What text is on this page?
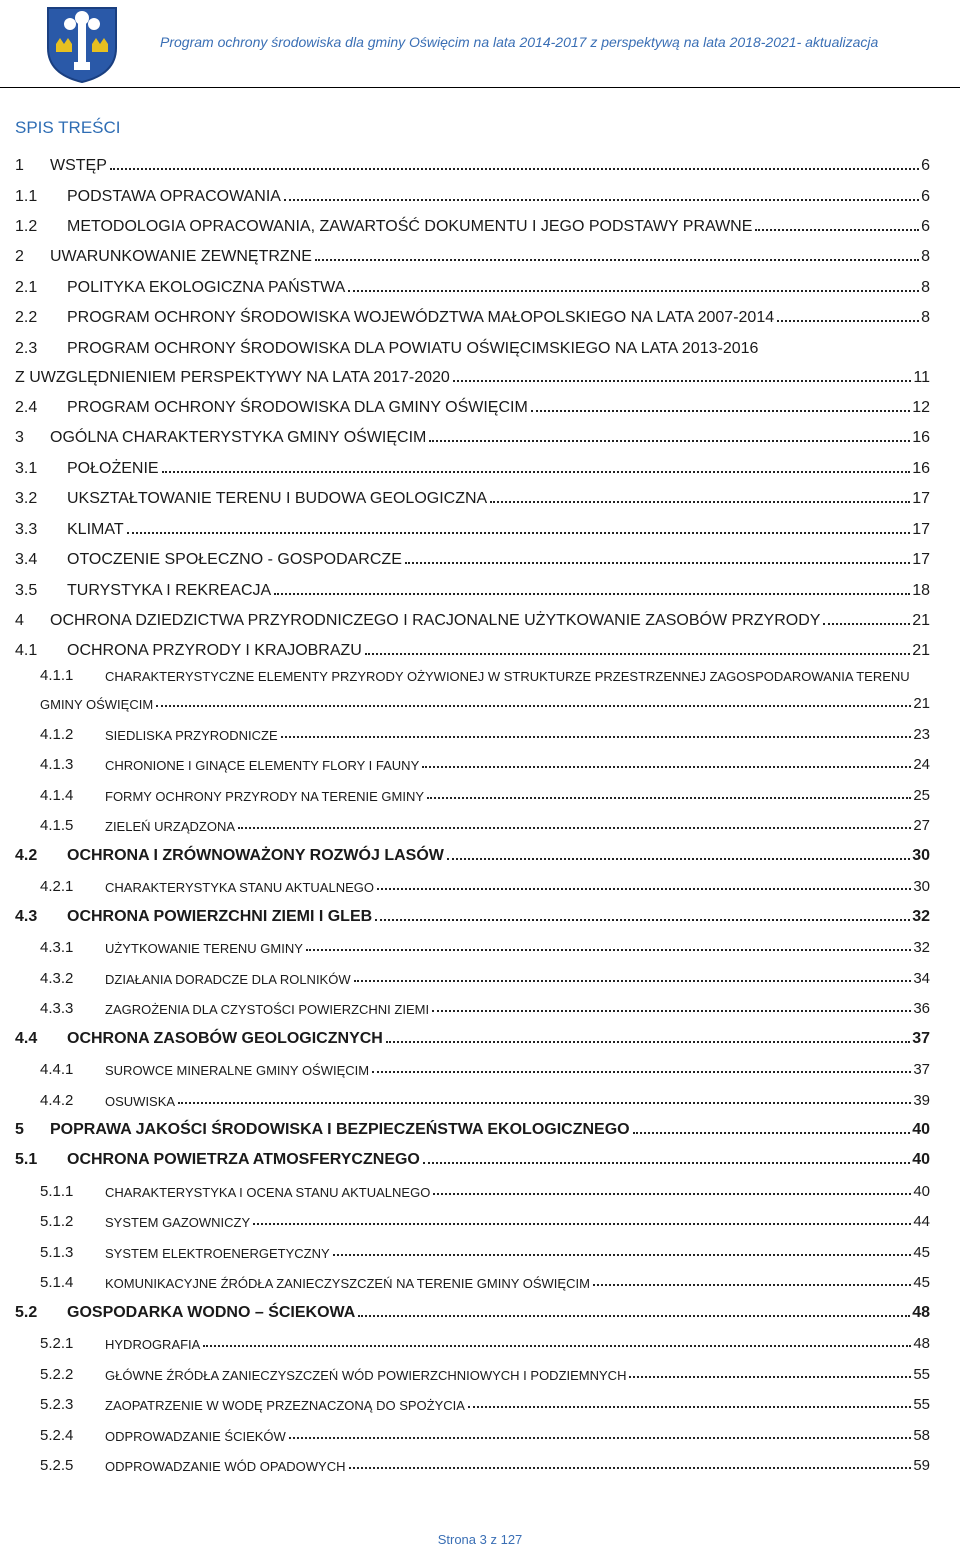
Program ochrony środowiska dla gminy Oświęcim na lata 2014-2017 z perspektywą na lata 2018-2021- aktualizacja
SPIS TREŚCI
1	WSTĘP	6
1.1	PODSTAWA OPRACOWANIA	6
1.2	METODOLOGIA OPRACOWANIA, ZAWARTOŚĆ DOKUMENTU I JEGO PODSTAWY PRAWNE	6
2	UWARUNKOWANIE ZEWNĘTRZNE	8
2.1	POLITYKA EKOLOGICZNA PAŃSTWA	8
2.2	PROGRAM OCHRONY ŚRODOWISKA WOJEWÓDZTWA MAŁOPOLSKIEGO NA LATA 2007-2014	8
2.3	PROGRAM OCHRONY ŚRODOWISKA DLA POWIATU OŚWIĘCIMSKIEGO NA LATA 2013-2016
Z UWZGLĘDNIENIEM PERSPEKTYWY NA LATA 2017-2020	11
2.4	PROGRAM OCHRONY ŚRODOWISKA DLA GMINY OŚWIĘCIM	12
3	OGÓLNA CHARAKTERYSTYKA GMINY OŚWIĘCIM	16
3.1	POŁOŻENIE	16
3.2	UKSZTAŁTOWANIE TERENU I BUDOWA GEOLOGICZNA	17
3.3	KLIMAT	17
3.4	OTOCZENIE SPOŁECZNO - GOSPODARCZE	17
3.5	TURYSTYKA I REKREACJA	18
4	OCHRONA DZIEDZICTWA PRZYRODNICZEGO I RACJONALNE UŻYTKOWANIE ZASOBÓW PRZYRODY	21
4.1	OCHRONA PRZYRODY I KRAJOBRAZU	21
4.1.1	CHARAKTERYSTYCZNE ELEMENTY PRZYRODY OŻYWIONEJ W STRUKTURZE PRZESTRZENNEJ ZAGOSPODAROWANIA TERENU
GMINY OŚWIĘCIM	21
4.1.2	SIEDLISKA PRZYRODNICZE	23
4.1.3	CHRONIONE I GINĄCE ELEMENTY FLORY I FAUNY	24
4.1.4	FORMY OCHRONY PRZYRODY NA TERENIE GMINY	25
4.1.5	ZIELEŃ URZĄDZONA	27
4.2	OCHRONA I ZRÓWNOWAŻONY ROZWÓJ LASÓW	30
4.2.1	CHARAKTERYSTYKA STANU AKTUALNEGO	30
4.3	OCHRONA POWIERZCHNI ZIEMI I GLEB	32
4.3.1	UŻYTKOWANIE TERENU GMINY	32
4.3.2	DZIAŁANIA DORADCZE DLA ROLNIKÓW	34
4.3.3	ZAGROŻENIA DLA CZYSTOŚCI POWIERZCHNI ZIEMI	36
4.4	OCHRONA ZASOBÓW GEOLOGICZNYCH	37
4.4.1	SUROWCE MINERALNE GMINY OŚWIĘCIM	37
4.4.2	OSUWISKA	39
5	POPRAWA JAKOŚCI ŚRODOWISKA I BEZPIECZEŃSTWA EKOLOGICZNEGO	40
5.1	OCHRONA POWIETRZA ATMOSFERYCZNEGO	40
5.1.1	CHARAKTERYSTYKA I OCENA STANU AKTUALNEGO	40
5.1.2	SYSTEM GAZOWNICZY	44
5.1.3	SYSTEM ELEKTROENERGETYCZNY	45
5.1.4	KOMUNIKACYJNE ŹRÓDŁA ZANIECZYSZCZEŃ NA TERENIE GMINY OŚWIĘCIM	45
5.2	GOSPODARKA WODNO – ŚCIEKOWA	48
5.2.1	HYDROGRAFIA	48
5.2.2	GŁÓWNE ŹRÓDŁA ZANIECZYSZCZEŃ WÓD POWIERZCHNIOWYCH I PODZIEMNYCH	55
5.2.3	ZAOPATRZENIE W WODĘ PRZEZNACZONĄ DO SPOŻYCIA	55
5.2.4	ODPROWADZANIE ŚCIEKÓW	58
5.2.5	ODPROWADZANIE WÓD OPADOWYCH	59
Strona 3 z 127
